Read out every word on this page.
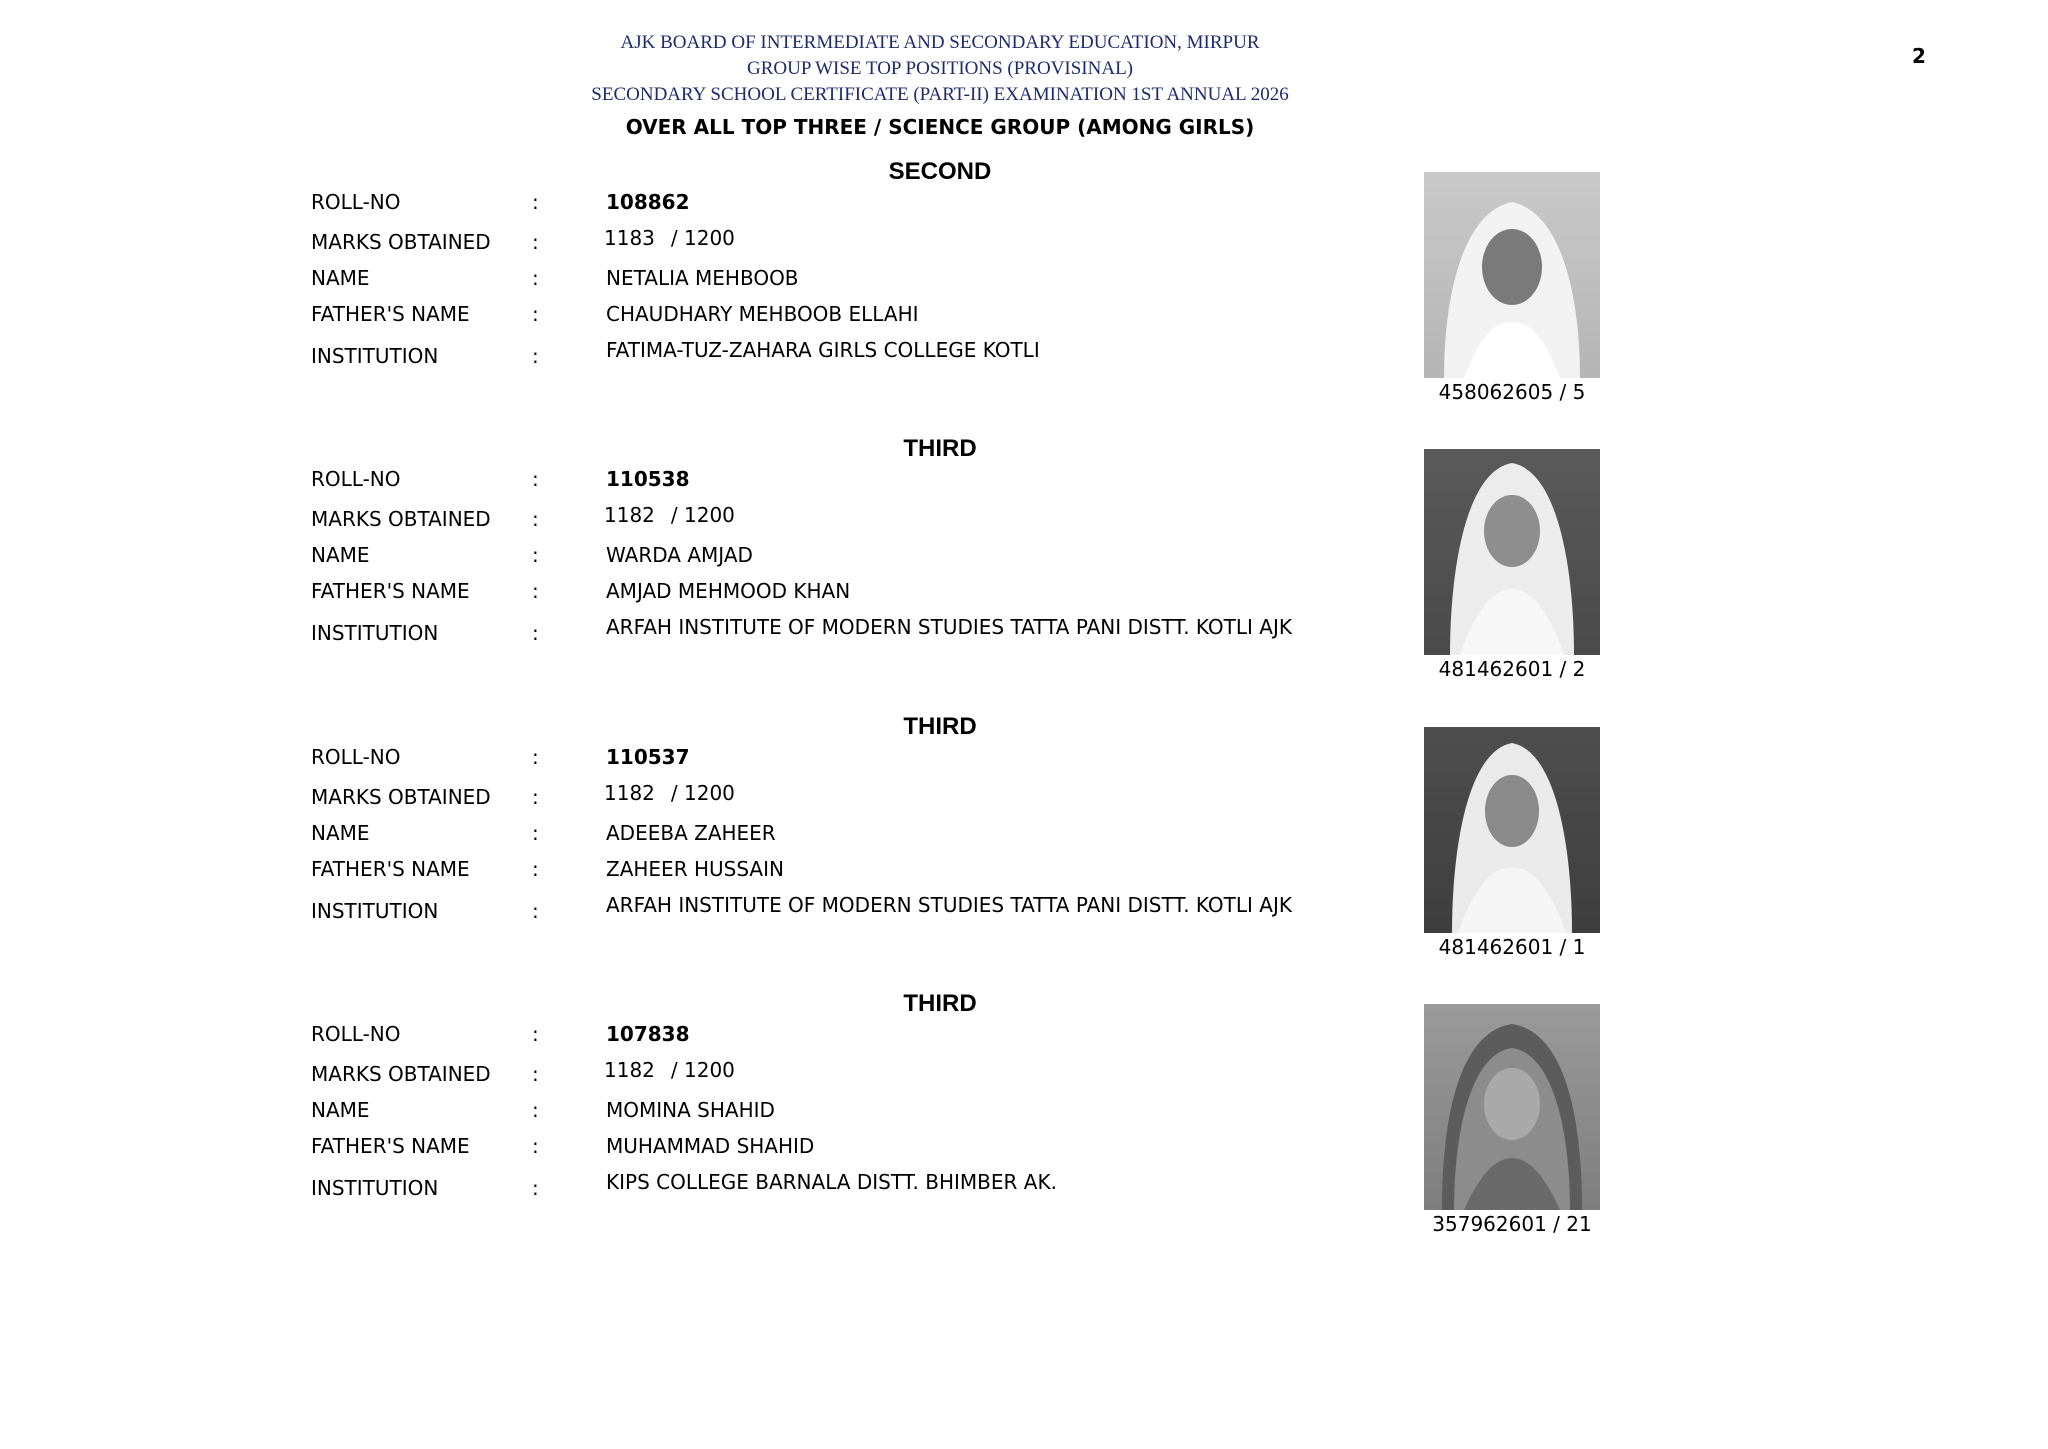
AJK BOARD OF INTERMEDIATE AND SECONDARY EDUCATION, MIRPUR
GROUP WISE TOP POSITIONS (PROVISINAL)
SECONDARY SCHOOL CERTIFICATE (PART-II) EXAMINATION 1ST ANNUAL 2026
OVER ALL TOP THREE / SCIENCE GROUP (AMONG GIRLS)
2
SECOND
ROLL-NO	:	108862
MARKS OBTAINED :	1183 / 1200
NAME	:	NETALIA MEHBOOB
FATHER'S NAME	:	CHAUDHARY MEHBOOB ELLAHI
INSTITUTION	:	FATIMA-TUZ-ZAHARA GIRLS COLLEGE KOTLI
458062605 / 5
THIRD
ROLL-NO	:	110538
MARKS OBTAINED :	1182 / 1200
NAME	:	WARDA AMJAD
FATHER'S NAME	:	AMJAD MEHMOOD KHAN
INSTITUTION	:	ARFAH INSTITUTE OF MODERN STUDIES TATTA PANI DISTT. KOTLI AJK
481462601 / 2
THIRD
ROLL-NO	:	110537
MARKS OBTAINED :	1182 / 1200
NAME	:	ADEEBA ZAHEER
FATHER'S NAME	:	ZAHEER HUSSAIN
INSTITUTION	:	ARFAH INSTITUTE OF MODERN STUDIES TATTA PANI DISTT. KOTLI AJK
481462601 / 1
THIRD
ROLL-NO	:	107838
MARKS OBTAINED :	1182 / 1200
NAME	:	MOMINA SHAHID
FATHER'S NAME	:	MUHAMMAD SHAHID
INSTITUTION	:	KIPS COLLEGE BARNALA DISTT. BHIMBER AK.
357962601 / 21
